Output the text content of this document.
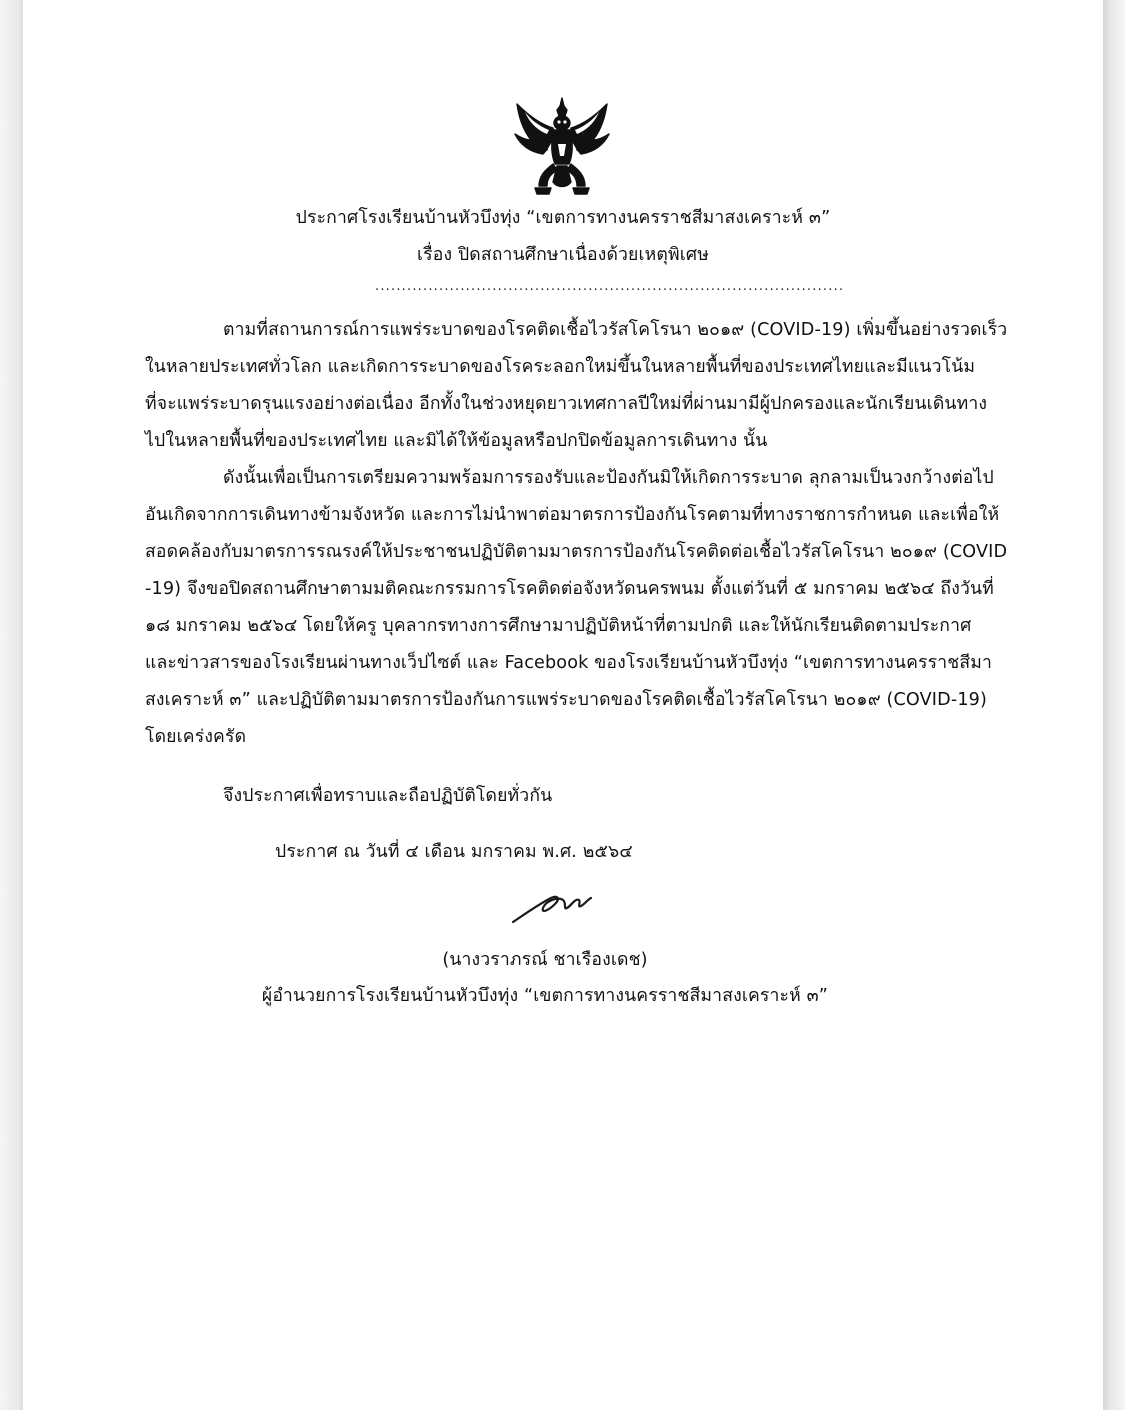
ประกาศโรงเรียนบ้านหัวบึงทุ่ง “เขตการทางนครราชสีมาสงเคราะห์ ๓”
เรื่อง ปิดสถานศึกษาเนื่องด้วยเหตุพิเศษ
........................................................................................
ตามที่สถานการณ์การแพร่ระบาดของโรคติดเชื้อไวรัสโคโรนา ๒๐๑๙ (COVID-19) เพิ่มขึ้นอย่างรวดเร็ว
ในหลายประเทศทั่วโลก และเกิดการระบาดของโรคระลอกใหม่ขึ้นในหลายพื้นที่ของประเทศไทยและมีแนวโน้ม
ที่จะแพร่ระบาดรุนแรงอย่างต่อเนื่อง อีกทั้งในช่วงหยุดยาวเทศกาลปีใหม่ที่ผ่านมามีผู้ปกครองและนักเรียนเดินทาง
ไปในหลายพื้นที่ของประเทศไทย และมิได้ให้ข้อมูลหรือปกปิดข้อมูลการเดินทาง นั้น
ดังนั้นเพื่อเป็นการเตรียมความพร้อมการรองรับและป้องกันมิให้เกิดการระบาด ลุกลามเป็นวงกว้างต่อไป
อันเกิดจากการเดินทางข้ามจังหวัด และการไม่นำพาต่อมาตรการป้องกันโรคตามที่ทางราชการกำหนด และเพื่อให้
สอดคล้องกับมาตรการรณรงค์ให้ประชาชนปฏิบัติตามมาตรการป้องกันโรคติดต่อเชื้อไวรัสโคโรนา ๒๐๑๙ (COVID
-19) จึงขอปิดสถานศึกษาตามมติคณะกรรมการโรคติดต่อจังหวัดนครพนม ตั้งแต่วันที่ ๕ มกราคม ๒๕๖๔ ถึงวันที่
๑๘ มกราคม ๒๕๖๔ โดยให้ครู บุคลากรทางการศึกษามาปฏิบัติหน้าที่ตามปกติ และให้นักเรียนติดตามประกาศ
และข่าวสารของโรงเรียนผ่านทางเว็ปไซต์ และ Facebook ของโรงเรียนบ้านหัวบึงทุ่ง “เขตการทางนครราชสีมา
สงเคราะห์ ๓” และปฏิบัติตามมาตรการป้องกันการแพร่ระบาดของโรคติดเชื้อไวรัสโคโรนา ๒๐๑๙ (COVID-19)
โดยเคร่งครัด
จึงประกาศเพื่อทราบและถือปฏิบัติโดยทั่วกัน
ประกาศ ณ วันที่ ๔ เดือน มกราคม พ.ศ. ๒๕๖๔
(นางวราภรณ์ ชาเรืองเดช)
ผู้อำนวยการโรงเรียนบ้านหัวบึงทุ่ง “เขตการทางนครราชสีมาสงเคราะห์ ๓”
